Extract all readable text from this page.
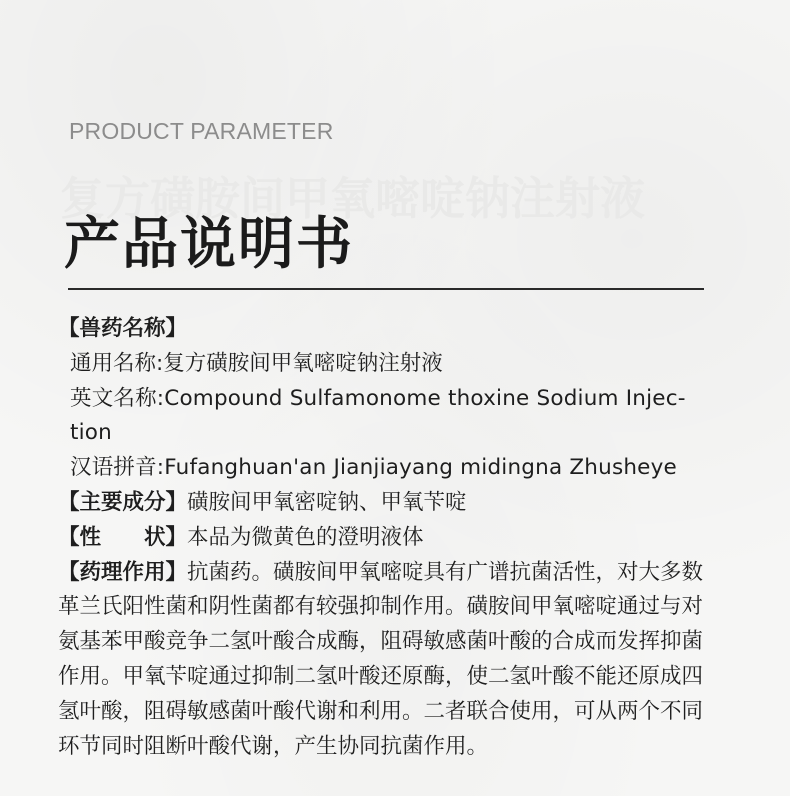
PRODUCT PARAMETER
复方磺胺间甲氧嘧啶钠注射液
产品说明书

【兽药名称】

通用名称:复方磺胺间甲氧嘧啶钠注射液

英文名称:Compound Sulfamonome thoxine Sodium Injec-
tion

汉语拼音:Fufanghuan'an Jianjiayang midingna Zhusheye

【主要成分】磺胺间甲氧密啶钠、甲氧苄啶

【性　　状】本品为微黄色的澄明液体

【药理作用】抗菌药。磺胺间甲氧嘧啶具有广谱抗菌活性，对大多数革兰氏阳性菌和阴性菌都有较强抑制作用。磺胺间甲氧嘧啶通过与对氨基苯甲酸竞争二氢叶酸合成酶，阻碍敏感菌叶酸的合成而发挥抑菌作用。甲氧苄啶通过抑制二氢叶酸还原酶，使二氢叶酸不能还原成四氢叶酸，阻碍敏感菌叶酸代谢和利用。二者联合使用，可从两个不同环节同时阻断叶酸代谢，产生协同抗菌作用。
